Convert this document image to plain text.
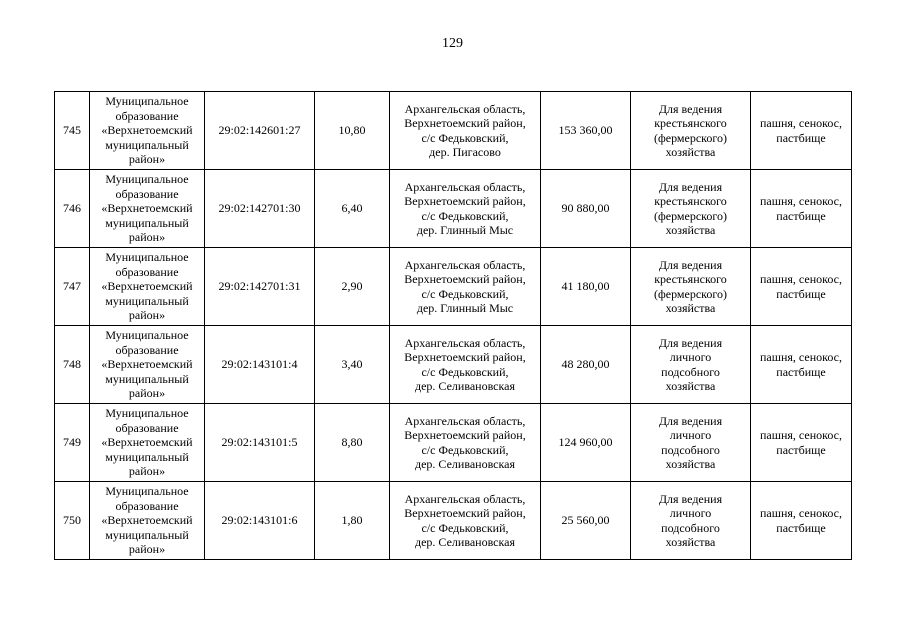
129
745	Муниципальное
образование
«Верхнетоемский
муниципальный
район»	29:02:142601:27	10,80	Архангельская область,
Верхнетоемский район,
с/с Федьковский,
дер. Пигасово	153 360,00	Для ведения
крестьянского
(фермерского)
хозяйства	пашня, сенокос,
пастбище
746	Муниципальное
образование
«Верхнетоемский
муниципальный
район»	29:02:142701:30	6,40	Архангельская область,
Верхнетоемский район,
с/с Федьковский,
дер. Глинный Мыс	90 880,00	Для ведения
крестьянского
(фермерского)
хозяйства	пашня, сенокос,
пастбище
747	Муниципальное
образование
«Верхнетоемский
муниципальный
район»	29:02:142701:31	2,90	Архангельская область,
Верхнетоемский район,
с/с Федьковский,
дер. Глинный Мыс	41 180,00	Для ведения
крестьянского
(фермерского)
хозяйства	пашня, сенокос,
пастбище
748	Муниципальное
образование
«Верхнетоемский
муниципальный
район»	29:02:143101:4	3,40	Архангельская область,
Верхнетоемский район,
с/с Федьковский,
дер. Селивановская	48 280,00	Для ведения
личного
подсобного
хозяйства	пашня, сенокос,
пастбище
749	Муниципальное
образование
«Верхнетоемский
муниципальный
район»	29:02:143101:5	8,80	Архангельская область,
Верхнетоемский район,
с/с Федьковский,
дер. Селивановская	124 960,00	Для ведения
личного
подсобного
хозяйства	пашня, сенокос,
пастбище
750	Муниципальное
образование
«Верхнетоемский
муниципальный
район»	29:02:143101:6	1,80	Архангельская область,
Верхнетоемский район,
с/с Федьковский,
дер. Селивановская	25 560,00	Для ведения
личного
подсобного
хозяйства	пашня, сенокос,
пастбище
